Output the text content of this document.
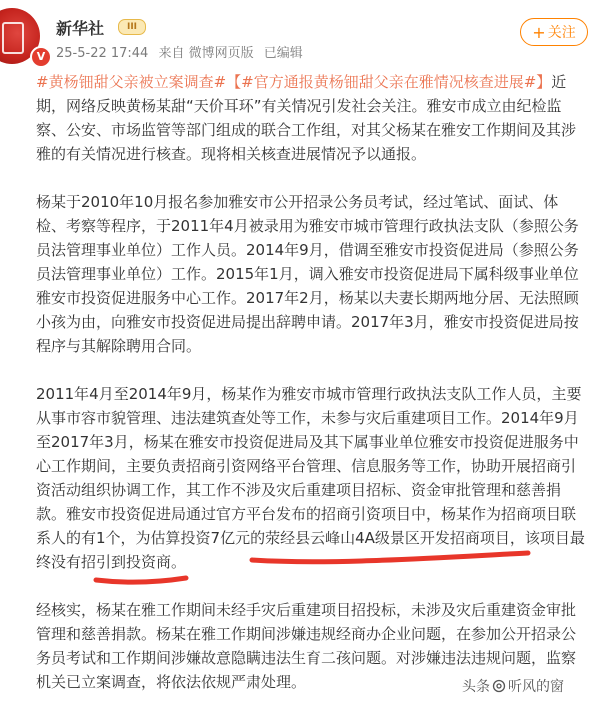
V
新华社	III
25-5-22 17:44 来自 微博网页版 已编辑
+ 关注

#黄杨钿甜父亲被立案调查#【#官方通报黄杨钿甜父亲在雅情况核查进展#】近期，网络反映黄杨某甜“天价耳环”有关情况引发社会关注。雅安市成立由纪检监察、公安、市场监管等部门组成的联合工作组，对其父杨某在雅安工作期间及其涉雅的有关情况进行核查。现将相关核查进展情况予以通报。

杨某于2010年10月报名参加雅安市公开招录公务员考试，经过笔试、面试、体检、考察等程序，于2011年4月被录用为雅安市城市管理行政执法支队（参照公务员法管理事业单位）工作人员。2014年9月，借调至雅安市投资促进局（参照公务员法管理事业单位）工作。2015年1月，调入雅安市投资促进局下属科级事业单位雅安市投资促进服务中心工作。2017年2月，杨某以夫妻长期两地分居、无法照顾小孩为由，向雅安市投资促进局提出辞聘申请。2017年3月，雅安市投资促进局按程序与其解除聘用合同。

2011年4月至2014年9月，杨某作为雅安市城市管理行政执法支队工作人员，主要从事市容市貌管理、违法建筑查处等工作，未参与灾后重建项目工作。2014年9月至2017年3月，杨某在雅安市投资促进局及其下属事业单位雅安市投资促进服务中心工作期间，主要负责招商引资网络平台管理、信息服务等工作，协助开展招商引资活动组织协调工作，其工作不涉及灾后重建项目招标、资金审批管理和慈善捐款。雅安市投资促进局通过官方平台发布的招商引资项目中，杨某作为招商项目联系人的有1个，为估算投资7亿元的荥经县云峰山4A级景区开发招商项目，该项目最终没有招引到投资商。

经核实，杨某在雅工作期间未经手灾后重建项目招投标，未涉及灾后重建资金审批管理和慈善捐款。杨某在雅工作期间涉嫌违规经商办企业问题，在参加公开招录公务员考试和工作期间涉嫌故意隐瞒违法生育二孩问题。对涉嫌违法违规问题，监察机关已立案调查，将依法依规严肃处理。	头条 听风的窗
